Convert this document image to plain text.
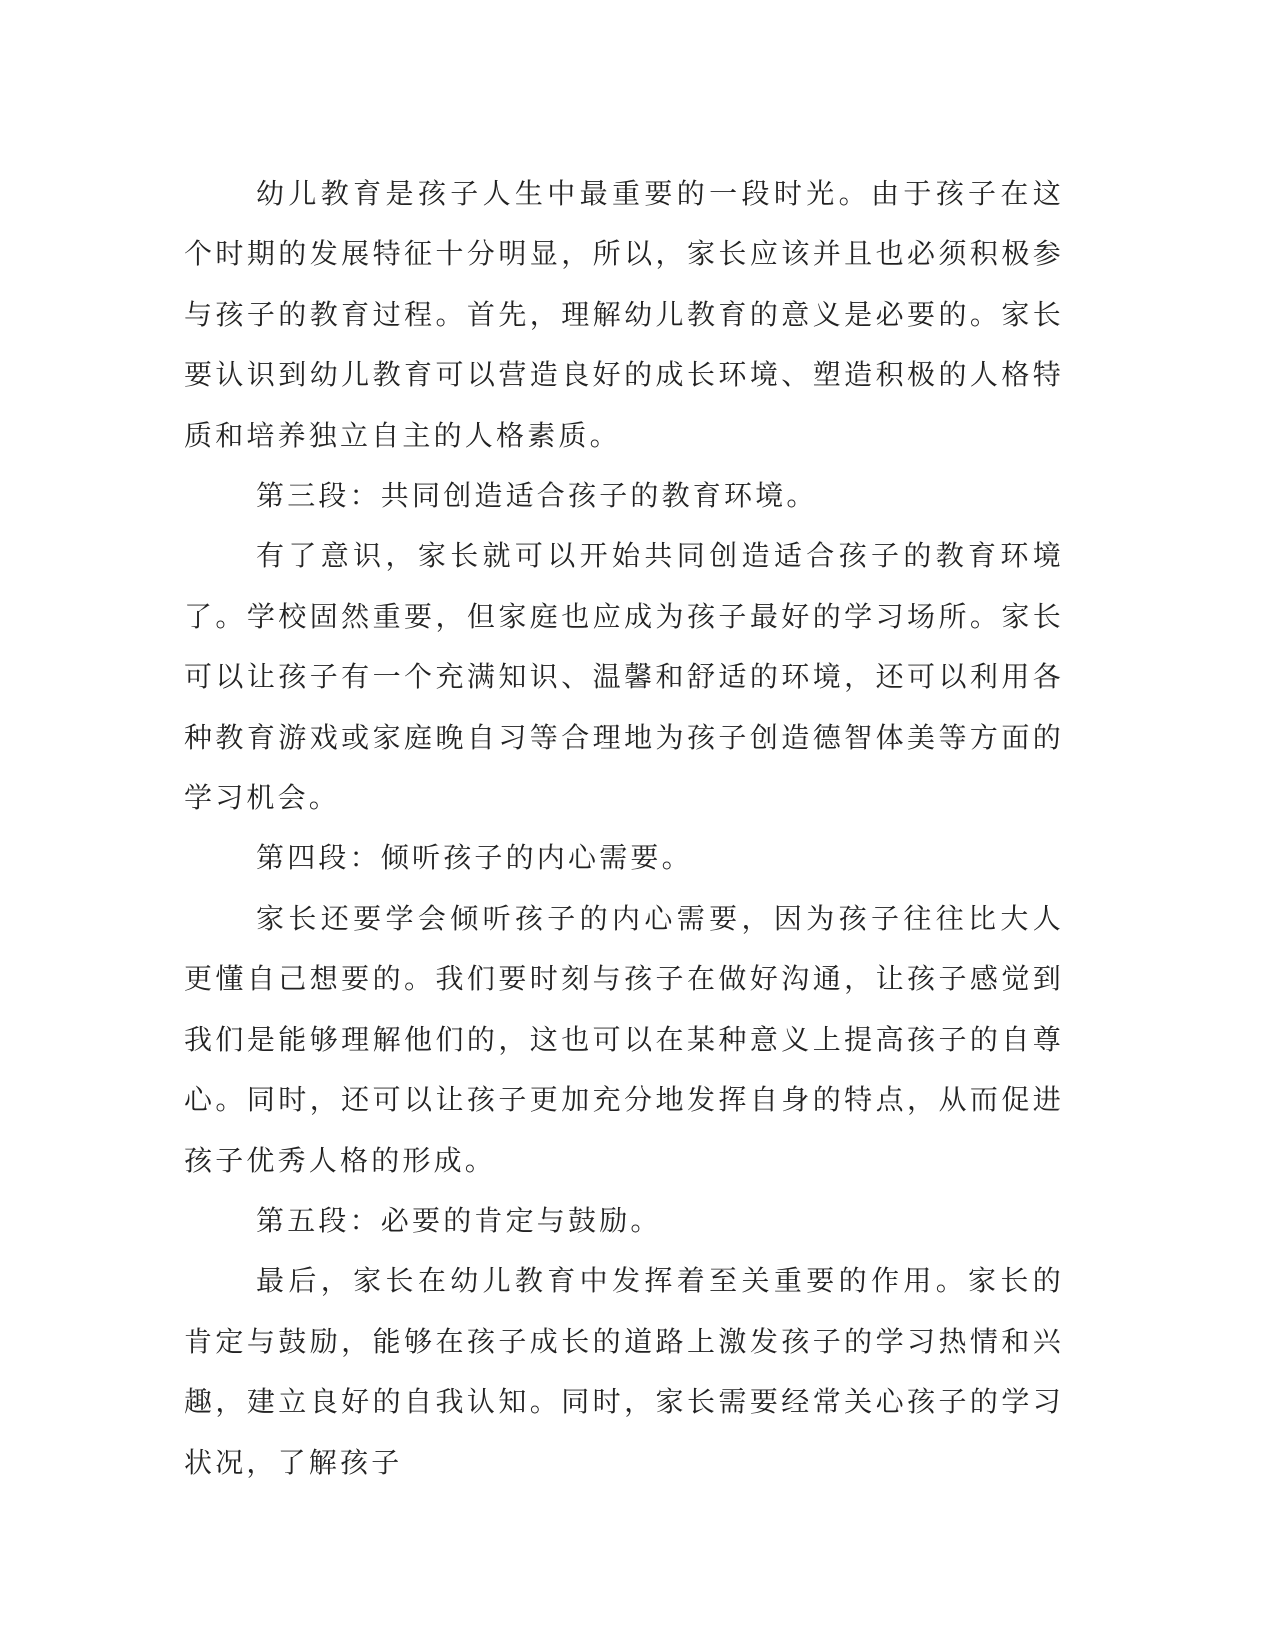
幼儿教育是孩子人生中最重要的一段时光。由于孩子在这个时期的发展特征十分明显，所以，家长应该并且也必须积极参与孩子的教育过程。首先，理解幼儿教育的意义是必要的。家长要认识到幼儿教育可以营造良好的成长环境、塑造积极的人格特质和培养独立自主的人格素质。

第三段：共同创造适合孩子的教育环境。

有了意识，家长就可以开始共同创造适合孩子的教育环境了。学校固然重要，但家庭也应成为孩子最好的学习场所。家长可以让孩子有一个充满知识、温馨和舒适的环境，还可以利用各种教育游戏或家庭晚自习等合理地为孩子创造德智体美等方面的学习机会。

第四段：倾听孩子的内心需要。

家长还要学会倾听孩子的内心需要，因为孩子往往比大人更懂自己想要的。我们要时刻与孩子在做好沟通，让孩子感觉到我们是能够理解他们的，这也可以在某种意义上提高孩子的自尊心。同时，还可以让孩子更加充分地发挥自身的特点，从而促进孩子优秀人格的形成。

第五段：必要的肯定与鼓励。

最后，家长在幼儿教育中发挥着至关重要的作用。家长的肯定与鼓励，能够在孩子成长的道路上激发孩子的学习热情和兴趣，建立良好的自我认知。同时，家长需要经常关心孩子的学习状况，了解孩子
